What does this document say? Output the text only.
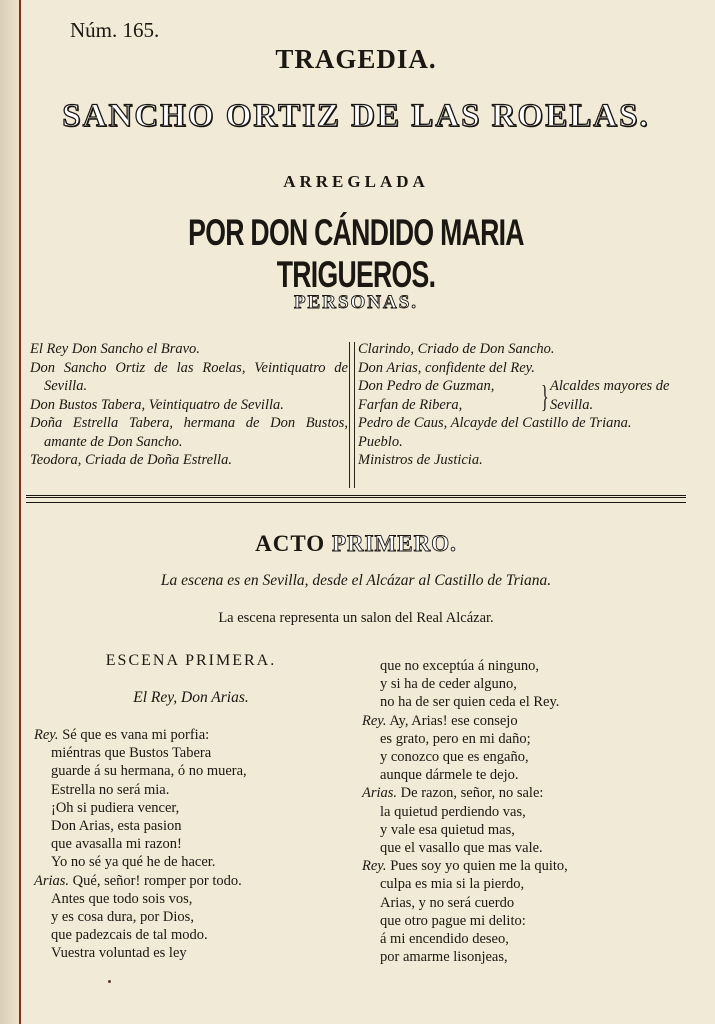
Núm. 165.
TRAGEDIA.
SANCHO ORTIZ DE LAS ROELAS.
ARREGLADA
POR DON CÁNDIDO MARIA TRIGUEROS.
PERSONAS.

El Rey Don Sancho el Bravo.

Don Sancho Ortiz de las Roelas, Veintiquatro de Sevilla.

Don Bustos Tabera, Veintiquatro de Sevilla.

Doña Estrella Tabera, hermana de Don Bustos, amante de Don Sancho.

Teodora, Criada de Doña Estrella.

Clarindo, Criado de Don Sancho.

Don Arias, confidente del Rey.

Don Pedro de Guzman,
Farfan de Ribera,	} Alcaldes mayores de Sevilla.

Pedro de Caus, Alcayde del Castillo de Triana.

Pueblo.

Ministros de Justicia.

ACTO PRIMERO.
La escena es en Sevilla, desde el Alcázar al Castillo de Triana.
La escena representa un salon del Real Alcázar.
ESCENA PRIMERA.
El Rey, Don Arias.
Rey. Sé que es vana mi porfia:
miéntras que Bustos Tabera
guarde á su hermana, ó no muera,
Estrella no será mia.
¡Oh si pudiera vencer,
Don Arias, esta pasion
que avasalla mi razon!
Yo no sé ya qué he de hacer.
Arias. Qué, señor! romper por todo.
Antes que todo sois vos,
y es cosa dura, por Dios,
que padezcais de tal modo.
Vuestra voluntad es ley
que no exceptúa á ninguno,
y si ha de ceder alguno,
no ha de ser quien ceda el Rey.
Rey. Ay, Arias! ese consejo
es grato, pero en mi daño;
y conozco que es engaño,
aunque dármele te dejo.
Arias. De razon, señor, no sale:
la quietud perdiendo vas,
y vale esa quietud mas,
que el vasallo que mas vale.
Rey. Pues soy yo quien me la quito,
culpa es mia si la pierdo,
Arias, y no será cuerdo
que otro pague mi delito:
á mi encendido deseo,
por amarme lisonjeas,
